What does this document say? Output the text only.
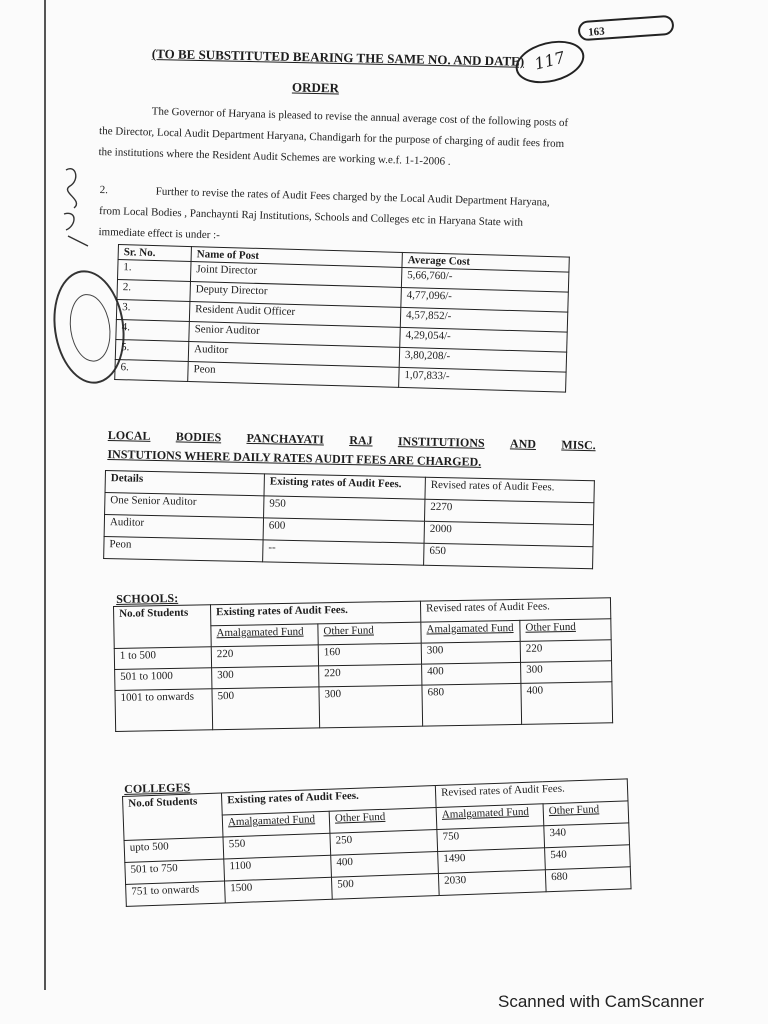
163
(TO BE SUBSTITUTED BEARING THE SAME NO. AND DATE) 117
ORDER
The Governor of Haryana is pleased to revise the annual average cost of the following posts of the Director, Local Audit Department Haryana, Chandigarh for the purpose of charging of audit fees from the institutions where the Resident Audit Schemes are working w.e.f. 1-1-2006 .
2.	Further to revise the rates of Audit Fees charged by the Local Audit Department Haryana, from Local Bodies , Panchaynti Raj Institutions, Schools and Colleges etc in Haryana State with immediate effect is under :-
Sr. No.	Name of Post	Average Cost
1.	Joint Director	5,66,760/-
2.	Deputy Director	4,77,096/-
3.	Resident Audit Officer	4,57,852/-
4.	Senior Auditor	4,29,054/-
5.	Auditor	3,80,208/-
6.	Peon	1,07,833/-
LOCAL BODIES PANCHAYATI RAJ INSTITUTIONS AND MISC.
INSTUTIONS WHERE DAILY RATES AUDIT FEES ARE CHARGED.
Details	Existing rates of Audit Fees.	Revised rates of Audit Fees.
One Senior Auditor	950	2270
Auditor	600	2000
Peon	--	650
SCHOOLS:
No.of Students	Existing rates of Audit Fees.		Revised rates of Audit Fees.	
	Amalgamated Fund	Other Fund	Amalgamated Fund	Other Fund
1 to 500	220	160	300	220
501 to 1000	300	220	400	300
1001 to onwards	500	300	680	400
COLLEGES
No.of Students	Existing rates of Audit Fees.		Revised rates of Audit Fees.	
	Amalgamated Fund	Other Fund	Amalgamated Fund	Other Fund
upto 500	550	250	750	340
501 to 750	1100	400	1490	540
751 to onwards	1500	500	2030	680
Scanned with CamScanner
